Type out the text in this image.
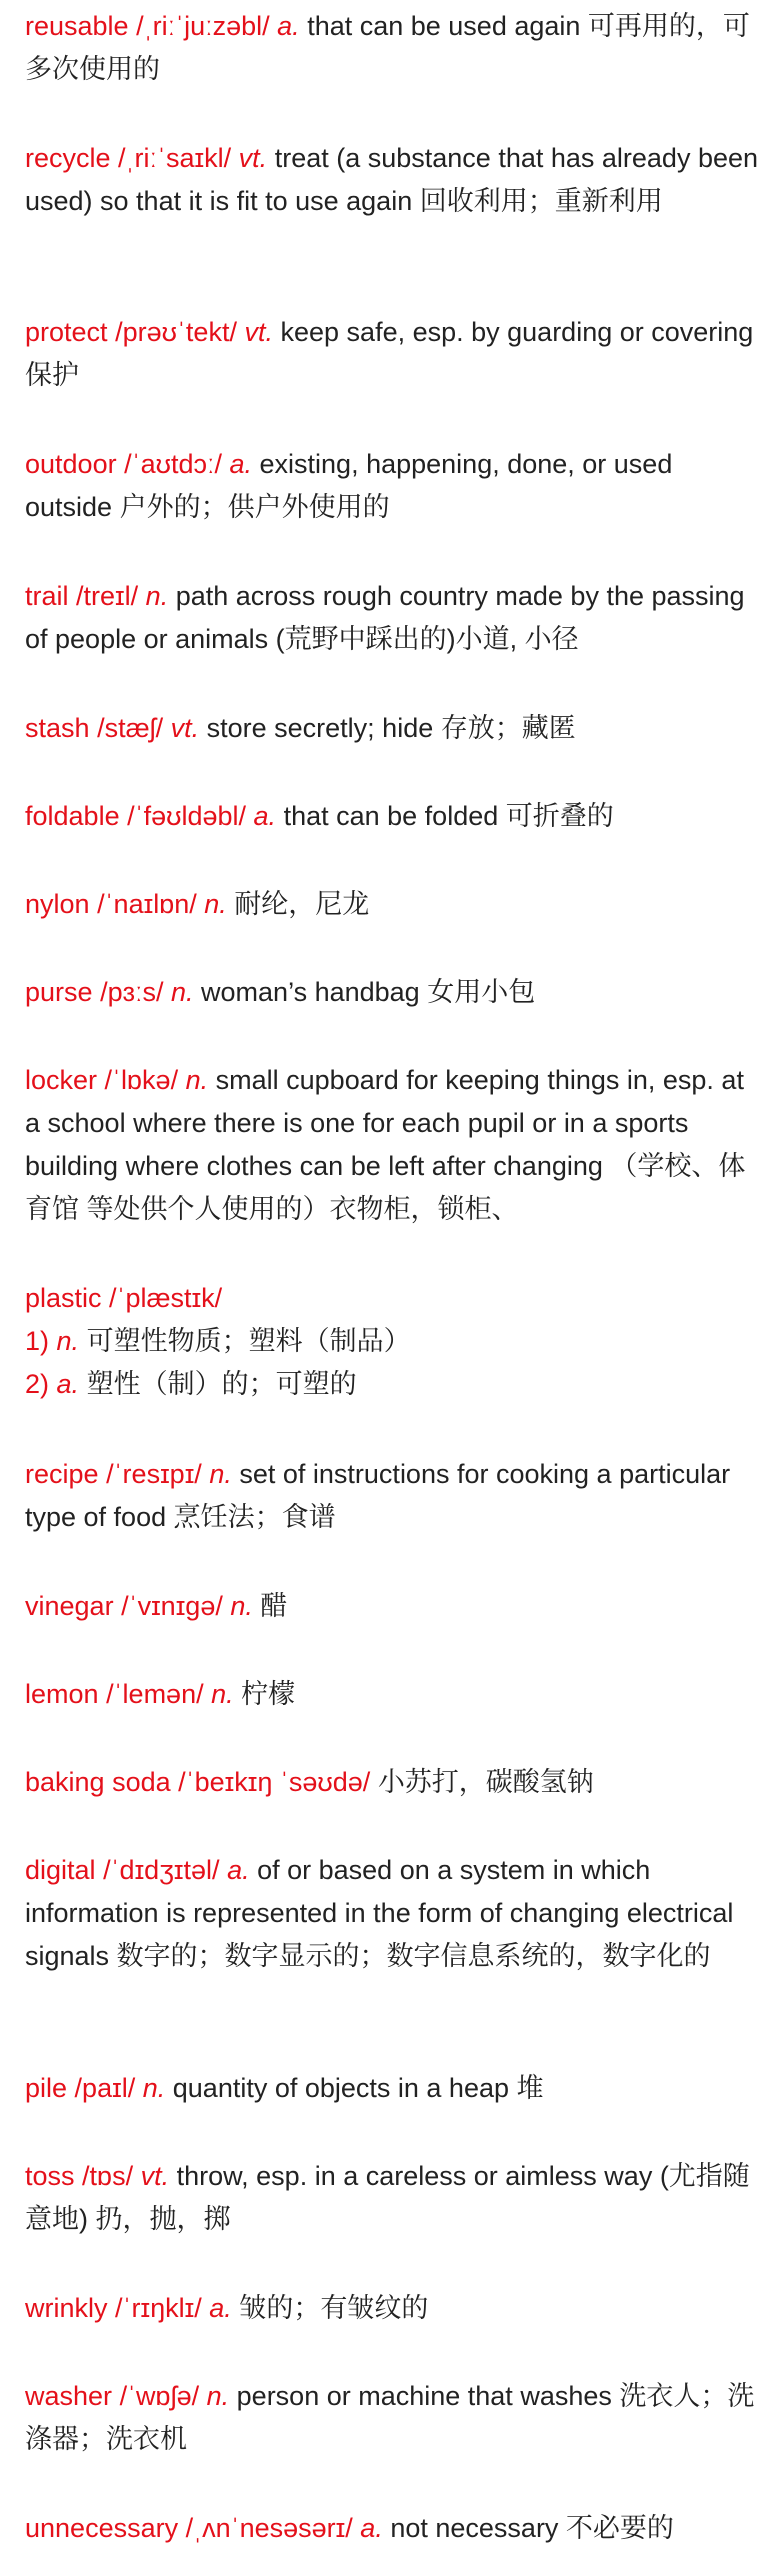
reusable /ˌriːˈjuːzəbl/ a. that can be used again 可再用的，可多次使用的
recycle /ˌriːˈsaɪkl/ vt. treat (a substance that has already been used) so that it is fit to use again 回收利用；重新利用
protect /prəʊˈtekt/ vt. keep safe, esp. by guarding or covering 保护
outdoor /ˈaʊtdɔː/ a. existing, happening, done, or used outside 户外的；供户外使用的
trail /treɪl/ n. path across rough country made by the passing of people or animals (荒野中踩出的)小道, 小径
stash /stæʃ/ vt. store secretly; hide 存放；藏匿
foldable /ˈfəʊldəbl/ a. that can be folded 可折叠的
nylon /ˈnaɪlɒn/ n. 耐纶，尼龙
purse /pɜːs/ n. woman’s handbag 女用小包
locker /ˈlɒkə/ n. small cupboard for keeping things in, esp. at a school where there is one for each pupil or in a sports building where clothes can be left after changing （学校、体育馆 等处供个人使用的）衣物柜，锁柜、
plastic /ˈplæstɪk/
1) n. 可塑性物质；塑料（制品）
2) a. 塑性（制）的；可塑的
recipe /ˈresɪpɪ/ n. set of instructions for cooking a particular type of food 烹饪法；食谱
vinegar /ˈvɪnɪgə/ n. 醋
lemon /ˈlemən/ n. 柠檬
baking soda /ˈbeɪkɪŋ ˈsəʊdə/ 小苏打，碳酸氢钠
digital /ˈdɪdʒɪtəl/ a. of or based on a system in which information is represented in the form of changing electrical signals 数字的；数字显示的；数字信息系统的，数字化的
pile /paɪl/ n. quantity of objects in a heap 堆
toss /tɒs/ vt. throw, esp. in a careless or aimless way (尤指随意地) 扔，抛，掷
wrinkly /ˈrɪŋklɪ/ a. 皱的；有皱纹的
washer /ˈwɒʃə/ n. person or machine that washes 洗衣人；洗涤器；洗衣机
unnecessary /ˌʌnˈnesəsərɪ/ a. not necessary 不必要的
